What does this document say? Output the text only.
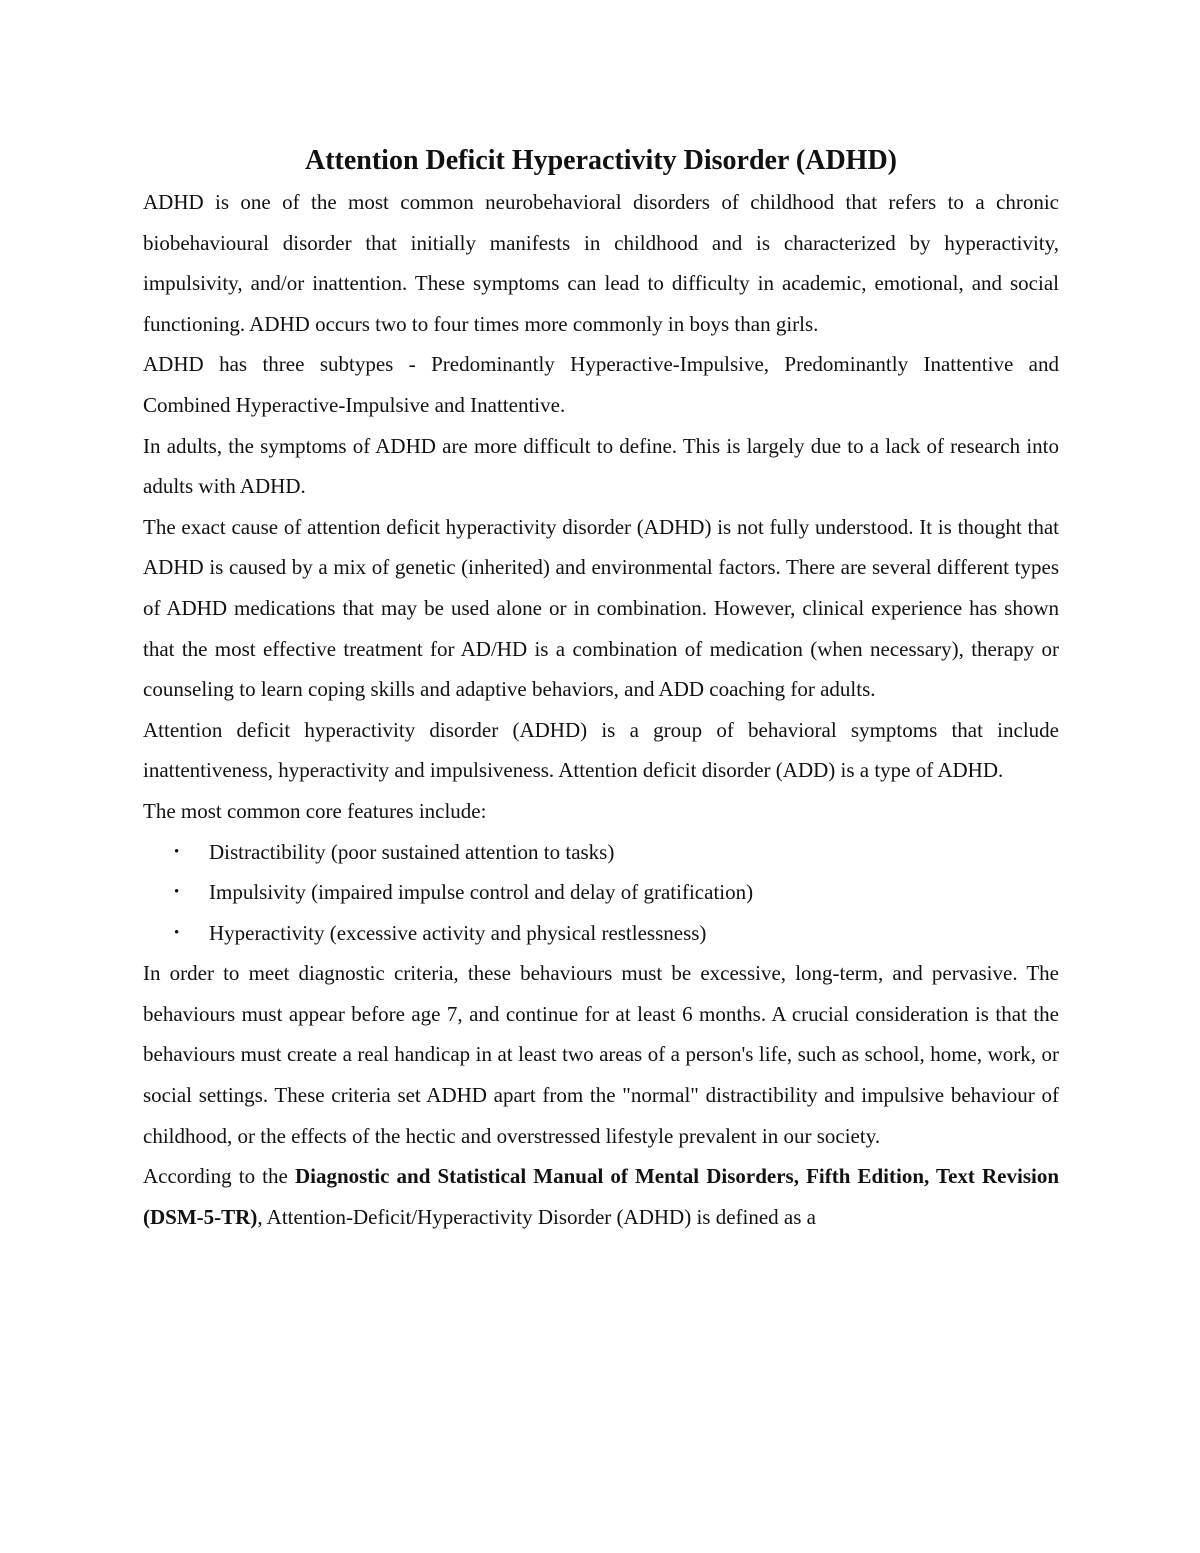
Attention Deficit Hyperactivity Disorder (ADHD)

ADHD is one of the most common neurobehavioral disorders of childhood that refers to a chronic biobehavioural disorder that initially manifests in childhood and is characterized by hyperactivity, impulsivity, and/or inattention. These symptoms can lead to difficulty in academic, emotional, and social functioning. ADHD occurs two to four times more commonly in boys than girls.

ADHD has three subtypes - Predominantly Hyperactive-Impulsive, Predominantly Inattentive and Combined Hyperactive-Impulsive and Inattentive.

In adults, the symptoms of ADHD are more difficult to define. This is largely due to a lack of research into adults with ADHD.

The exact cause of attention deficit hyperactivity disorder (ADHD) is not fully understood. It is thought that ADHD is caused by a mix of genetic (inherited) and environmental factors. There are several different types of ADHD medications that may be used alone or in combination. However, clinical experience has shown that the most effective treatment for AD/HD is a combination of medication (when necessary), therapy or counseling to learn coping skills and adaptive behaviors, and ADD coaching for adults.

Attention deficit hyperactivity disorder (ADHD) is a group of behavioral symptoms that include inattentiveness, hyperactivity and impulsiveness. Attention deficit disorder (ADD) is a type of ADHD.

The most common core features include:

• Distractibility (poor sustained attention to tasks)
• Impulsivity (impaired impulse control and delay of gratification)
• Hyperactivity (excessive activity and physical restlessness)

In order to meet diagnostic criteria, these behaviours must be excessive, long-term, and pervasive. The behaviours must appear before age 7, and continue for at least 6 months. A crucial consideration is that the behaviours must create a real handicap in at least two areas of a person's life, such as school, home, work, or social settings. These criteria set ADHD apart from the "normal" distractibility and impulsive behaviour of childhood, or the effects of the hectic and overstressed lifestyle prevalent in our society.

According to the Diagnostic and Statistical Manual of Mental Disorders, Fifth Edition, Text Revision (DSM-5-TR), Attention-Deficit/Hyperactivity Disorder (ADHD) is defined as a
